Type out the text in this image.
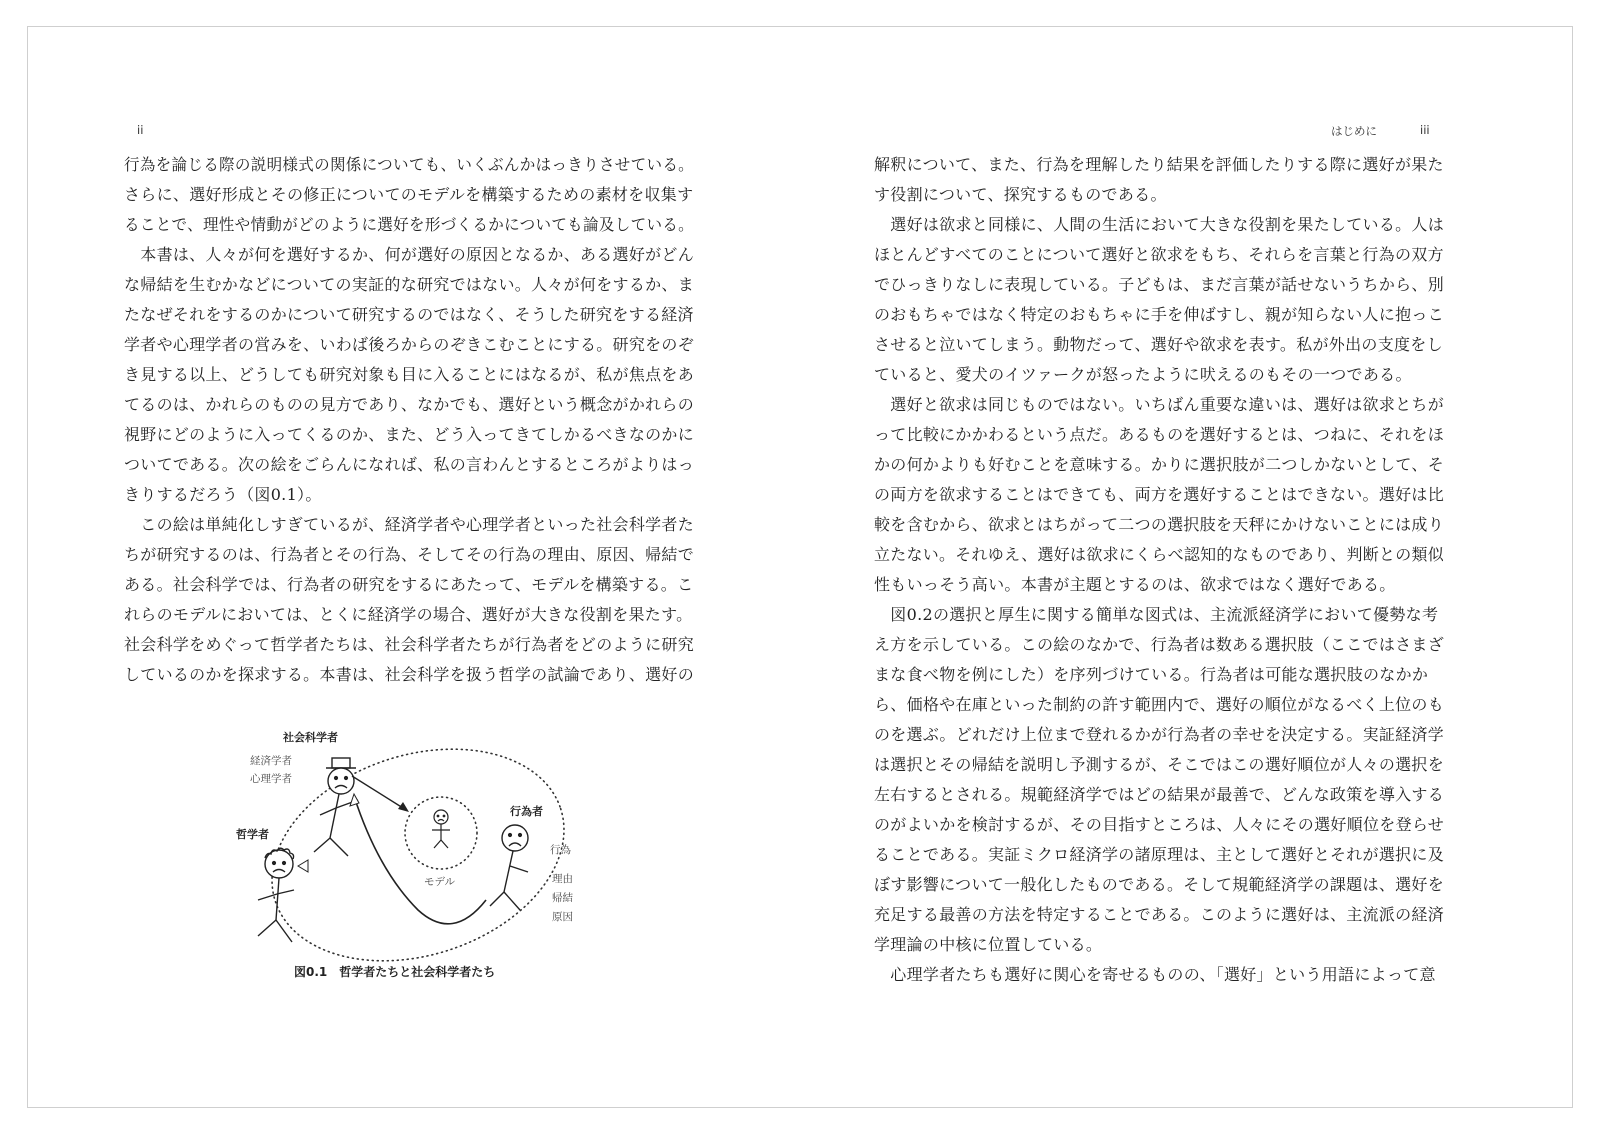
ii	はじめに	iii
行為を論じる際の説明様式の関係についても、いくぶんかはっきりさせている。
さらに、選好形成とその修正についてのモデルを構築するための素材を収集す
ることで、理性や情動がどのように選好を形づくるかについても論及している。
　本書は、人々が何を選好するか、何が選好の原因となるか、ある選好がどん
な帰結を生むかなどについての実証的な研究ではない。人々が何をするか、ま
たなぜそれをするのかについて研究するのではなく、そうした研究をする経済
学者や心理学者の営みを、いわば後ろからのぞきこむことにする。研究をのぞ
き見する以上、どうしても研究対象も目に入ることにはなるが、私が焦点をあ
てるのは、かれらのものの見方であり、なかでも、選好という概念がかれらの
視野にどのように入ってくるのか、また、どう入ってきてしかるべきなのかに
ついてである。次の絵をごらんになれば、私の言わんとするところがよりはっ
きりするだろう（図0.1）。
　この絵は単純化しすぎているが、経済学者や心理学者といった社会科学者た
ちが研究するのは、行為者とその行為、そしてその行為の理由、原因、帰結で
ある。社会科学では、行為者の研究をするにあたって、モデルを構築する。こ
れらのモデルにおいては、とくに経済学の場合、選好が大きな役割を果たす。
社会科学をめぐって哲学者たちは、社会科学者たちが行為者をどのように研究
しているのかを探求する。本書は、社会科学を扱う哲学の試論であり、選好の
解釈について、また、行為を理解したり結果を評価したりする際に選好が果た
す役割について、探究するものである。
　選好は欲求と同様に、人間の生活において大きな役割を果たしている。人は
ほとんどすべてのことについて選好と欲求をもち、それらを言葉と行為の双方
でひっきりなしに表現している。子どもは、まだ言葉が話せないうちから、別
のおもちゃではなく特定のおもちゃに手を伸ばすし、親が知らない人に抱っこ
させると泣いてしまう。動物だって、選好や欲求を表す。私が外出の支度をし
ていると、愛犬のイツァークが怒ったように吠えるのもその一つである。
　選好と欲求は同じものではない。いちばん重要な違いは、選好は欲求とちが
って比較にかかわるという点だ。あるものを選好するとは、つねに、それをほ
かの何かよりも好むことを意味する。かりに選択肢が二つしかないとして、そ
の両方を欲求することはできても、両方を選好することはできない。選好は比
較を含むから、欲求とはちがって二つの選択肢を天秤にかけないことには成り
立たない。それゆえ、選好は欲求にくらべ認知的なものであり、判断との類似
性もいっそう高い。本書が主題とするのは、欲求ではなく選好である。
　図0.2の選択と厚生に関する簡単な図式は、主流派経済学において優勢な考
え方を示している。この絵のなかで、行為者は数ある選択肢（ここではさまざ
まな食べ物を例にした）を序列づけている。行為者は可能な選択肢のなかか
ら、価格や在庫といった制約の許す範囲内で、選好の順位がなるべく上位のも
のを選ぶ。どれだけ上位まで登れるかが行為者の幸せを決定する。実証経済学
は選択とその帰結を説明し予測するが、そこではこの選好順位が人々の選択を
左右するとされる。規範経済学ではどの結果が最善で、どんな政策を導入する
のがよいかを検討するが、その目指すところは、人々にその選好順位を登らせ
ることである。実証ミクロ経済学の諸原理は、主として選好とそれが選択に及
ぼす影響について一般化したものである。そして規範経済学の課題は、選好を
充足する最善の方法を特定することである。このように選好は、主流派の経済
学理論の中核に位置している。
　心理学者たちも選好に関心を寄せるものの、「選好」という用語によって意
社会科学者
経済学者
心理学者
哲学者
行為者
モデル
行為
理由
帰結
原因
図0.1　哲学者たちと社会科学者たち
